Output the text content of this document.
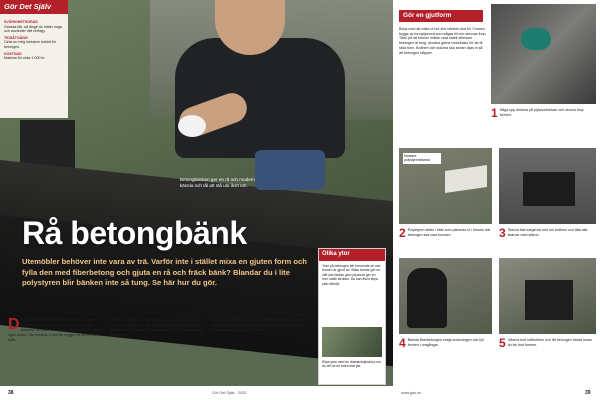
Betongbänken ger en rå och modern känsla och tål att stå ute året om.
Gör Det Själv
SVÅRIGHETSGRAD
Ganska lätt, så länge du mäter noga och använder rätt verktyg.
TIDSÅTGÅNG
Cirka en helg inklusive torktid för betongen.
KOSTNAD
Material för cirka 1 000 kr.
Rå betongbänk
Utemöbler behöver inte vara av trä. Varför inte i stället mixa en gjuten form och fylla den med fiberbetong och gjuta en rå och fräck bänk? Blandar du i lite polystyren blir bänken inte så tung. Se här hur du gör.
Olika ytor
Ytan på betongen blir beroende av vad formen är gjord av. Släta formar ger en slät yta medan grov plywood ger en mer rustik struktur. Du kan även slipa ytan efteråt.
Slipa ytan med en diamantslipskiva om du vill ha en extra slät yta.
D De sista åren har betong blivit allt mer populärt i trädgårdar och på uterummet. Materialet är slitstarkt, tål väder och vind och kan formas efter egen smak. Här berättar vi hur du bygger en enkel bänk själv.
Formen bygger du av formplywood som skruvas ihop. Insidan beläggs med olja så att betongen släpper lätt när den har härdat. Använd fiberbetong för att få en stark och tålig bänk.
Genom att blanda i krossad polystyren minskar du vikten avsevärt. Bänken blir då lättare att flytta när den är klar och kan ställas där du vill ha den.
38	Gör Det Själv · 2020
Gör en gjutform
Börja med att mäta ut hur stor bänken ska bli. Formen byggs av formplywood som sågas till och skruvas ihop. Tänk på att formen måste vara stabil eftersom betongen är tung. Använd gärna vinkelhake för att få raka hörn. Bottnen och sidorna ska sedan oljas in så att betongen släpper.
1 Såga upp delarna på plywoodskivan och skruva ihop formen.
Markera polystyrenbitarna
2 Polystyren skärs i bitar som placeras ut i formen där betongen ska vara tunnare.	3 Skruva fast sargerna runt om bottnen och täta alla skarvar med silikon.
4 Blanda fiberbetongen enligt anvisningen och fyll formen i omgångar.	5 Vibrera bort luftbubblor och låt betongen härda innan du tar bort formen.
www.gds.se	39
